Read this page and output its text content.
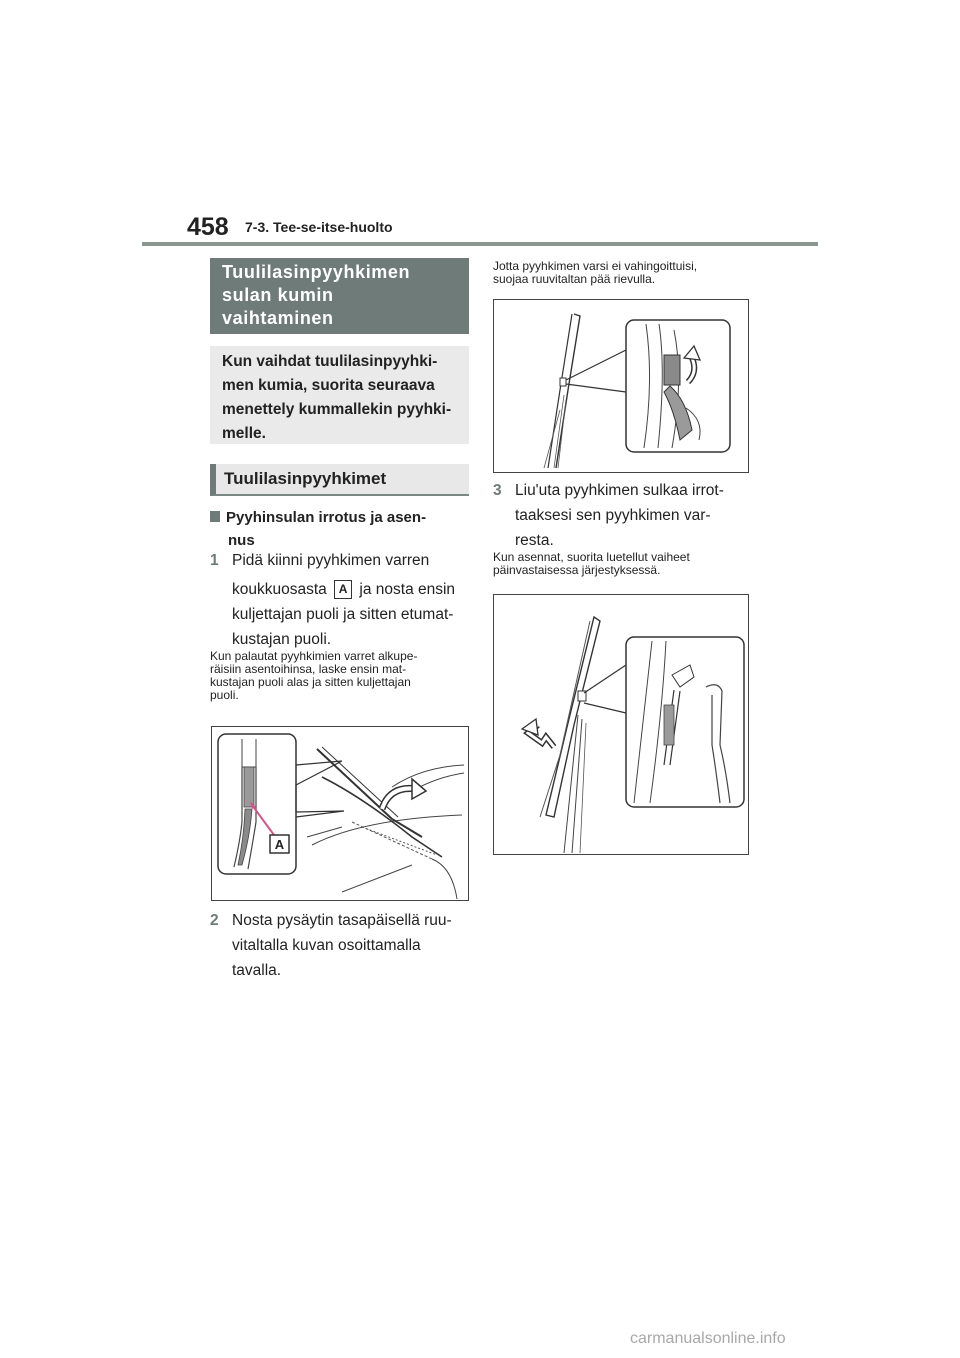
458 7-3. Tee-se-itse-huolto
Tuulilasinpyyhkimen
sulan kumin
vaihtaminen
Kun vaihdat tuulilasinpyyhki-
men kumia, suorita seuraava
menettely kummallekin pyyhki-
melle.
Tuulilasinpyyhkimet
Pyyhinsulan irrotus ja asen-
nus
1 Pidä kiinni pyyhkimen varren
koukkuosasta A ja nosta ensin
kuljettajan puoli ja sitten etumat-
kustajan puoli.
Kun palautat pyyhkimien varret alkupe-
räisiin asentoihinsa, laske ensin mat-
kustajan puoli alas ja sitten kuljettajan
puoli.
A
2 Nosta pysäytin tasapäisellä ruu-
vitaltalla kuvan osoittamalla
tavalla.
Jotta pyyhkimen varsi ei vahingoittuisi,
suojaa ruuvitaltan pää rievulla.
3 Liu'uta pyyhkimen sulkaa irrot-
taaksesi sen pyyhkimen var-
resta.
Kun asennat, suorita luetellut vaiheet
päinvastaisessa järjestyksessä.
carmanualsonline.info
